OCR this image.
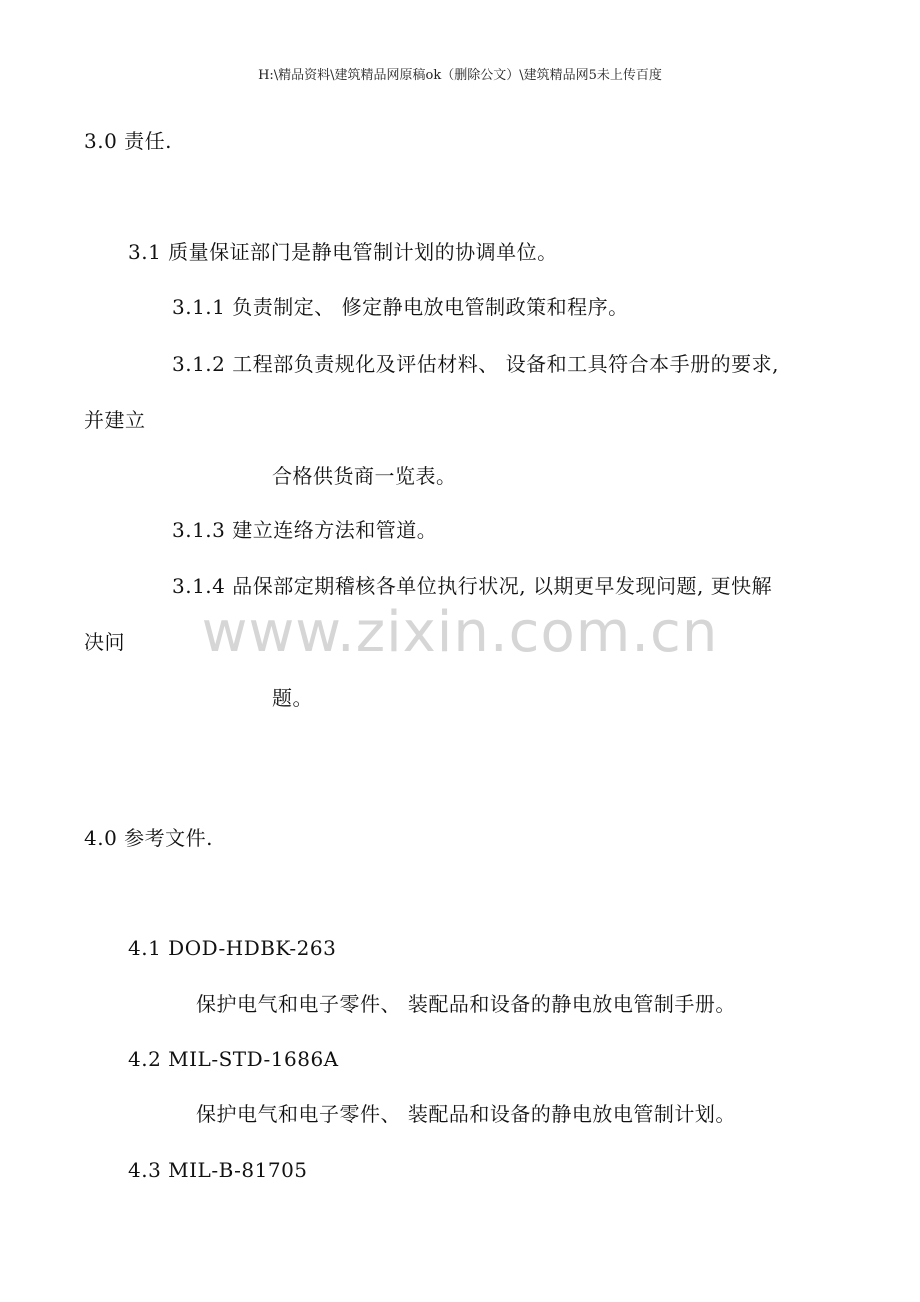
H:\精品资料\建筑精品网原稿ok（删除公文）\建筑精品网5未上传百度
www.zixin.com.cn
3.0 责任.
3.1 质量保证部门是静电管制计划的协调单位。
3.1.1 负责制定、 修定静电放电管制政策和程序。
3.1.2 工程部负责规化及评估材料、 设备和工具符合本手册的要求,
并建立
合格供货商一览表。
3.1.3 建立连络方法和管道。
3.1.4 品保部定期稽核各单位执行状况, 以期更早发现问题, 更快解
决问
题。
4.0 参考文件.
4.1 DOD-HDBK-263
保护电气和电子零件、 装配品和设备的静电放电管制手册。
4.2 MIL-STD-1686A
保护电气和电子零件、 装配品和设备的静电放电管制计划。
4.3 MIL-B-81705
